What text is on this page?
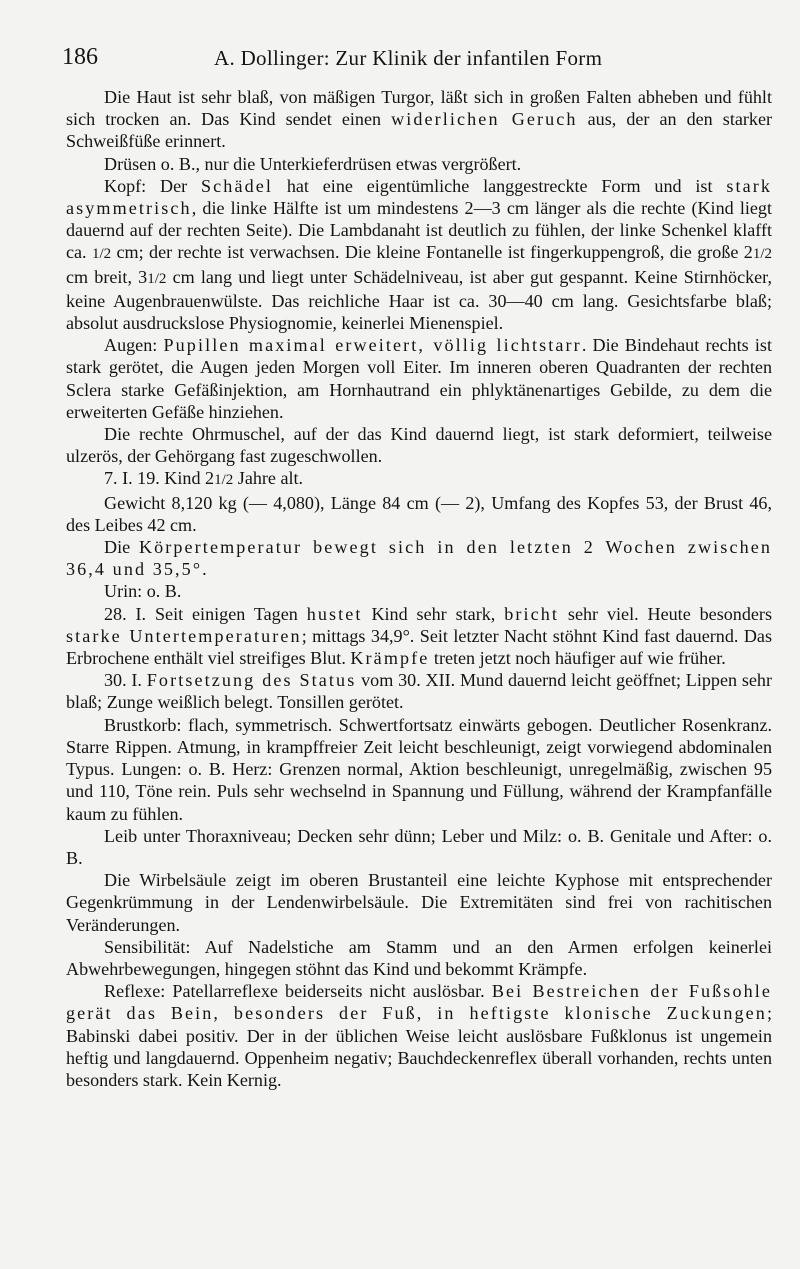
186	A. Dollinger: Zur Klinik der infantilen Form

Die Haut ist sehr blaß, von mäßigen Turgor, läßt sich in großen Falten abheben und fühlt sich trocken an. Das Kind sendet einen widerlichen Geruch aus, der an den starker Schweißfüße erinnert.

Drüsen o. B., nur die Unterkieferdrüsen etwas vergrößert.

Kopf: Der Schädel hat eine eigentümliche langgestreckte Form und ist stark asymmetrisch, die linke Hälfte ist um mindestens 2—3 cm länger als die rechte (Kind liegt dauernd auf der rechten Seite). Die Lambdanaht ist deutlich zu fühlen, der linke Schenkel klafft ca. 1/2 cm; der rechte ist verwachsen. Die kleine Fontanelle ist fingerkuppengroß, die große 21/2 cm breit, 31/2 cm lang und liegt unter Schädelniveau, ist aber gut gespannt. Keine Stirnhöcker, keine Augenbrauenwülste. Das reichliche Haar ist ca. 30—40 cm lang. Gesichtsfarbe blaß; absolut ausdruckslose Physiognomie, keinerlei Mienenspiel.

Augen: Pupillen maximal erweitert, völlig lichtstarr. Die Bindehaut rechts ist stark gerötet, die Augen jeden Morgen voll Eiter. Im inneren oberen Quadranten der rechten Sclera starke Gefäßinjektion, am Hornhautrand ein phlyktänenartiges Gebilde, zu dem die erweiterten Gefäße hinziehen.

Die rechte Ohrmuschel, auf der das Kind dauernd liegt, ist stark deformiert, teilweise ulzerös, der Gehörgang fast zugeschwollen.

7. I. 19. Kind 21/2 Jahre alt.

Gewicht 8,120 kg (— 4,080), Länge 84 cm (— 2), Umfang des Kopfes 53, der Brust 46, des Leibes 42 cm.

Die Körpertemperatur bewegt sich in den letzten 2 Wochen zwischen 36,4 und 35,5°.

Urin: o. B.

28. I. Seit einigen Tagen hustet Kind sehr stark, bricht sehr viel. Heute besonders starke Untertemperaturen; mittags 34,9°. Seit letzter Nacht stöhnt Kind fast dauernd. Das Erbrochene enthält viel streifiges Blut. Krämpfe treten jetzt noch häufiger auf wie früher.

30. I. Fortsetzung des Status vom 30. XII. Mund dauernd leicht geöffnet; Lippen sehr blaß; Zunge weißlich belegt. Tonsillen gerötet.

Brustkorb: flach, symmetrisch. Schwertfortsatz einwärts gebogen. Deutlicher Rosenkranz. Starre Rippen. Atmung, in krampffreier Zeit leicht beschleunigt, zeigt vorwiegend abdominalen Typus. Lungen: o. B. Herz: Grenzen normal, Aktion beschleunigt, unregelmäßig, zwischen 95 und 110, Töne rein. Puls sehr wechselnd in Spannung und Füllung, während der Krampfanfälle kaum zu fühlen.

Leib unter Thoraxniveau; Decken sehr dünn; Leber und Milz: o. B. Genitale und After: o. B.

Die Wirbelsäule zeigt im oberen Brustanteil eine leichte Kyphose mit entsprechender Gegenkrümmung in der Lendenwirbelsäule. Die Extremitäten sind frei von rachitischen Veränderungen.

Sensibilität: Auf Nadelstiche am Stamm und an den Armen erfolgen keinerlei Abwehrbewegungen, hingegen stöhnt das Kind und bekommt Krämpfe.

Reflexe: Patellarreflexe beiderseits nicht auslösbar. Bei Bestreichen der Fußsohle gerät das Bein, besonders der Fuß, in heftigste klonische Zuckungen; Babinski dabei positiv. Der in der üblichen Weise leicht auslösbare Fußklonus ist ungemein heftig und langdauernd. Oppenheim negativ; Bauchdeckenreflex überall vorhanden, rechts unten besonders stark. Kein Kernig.
